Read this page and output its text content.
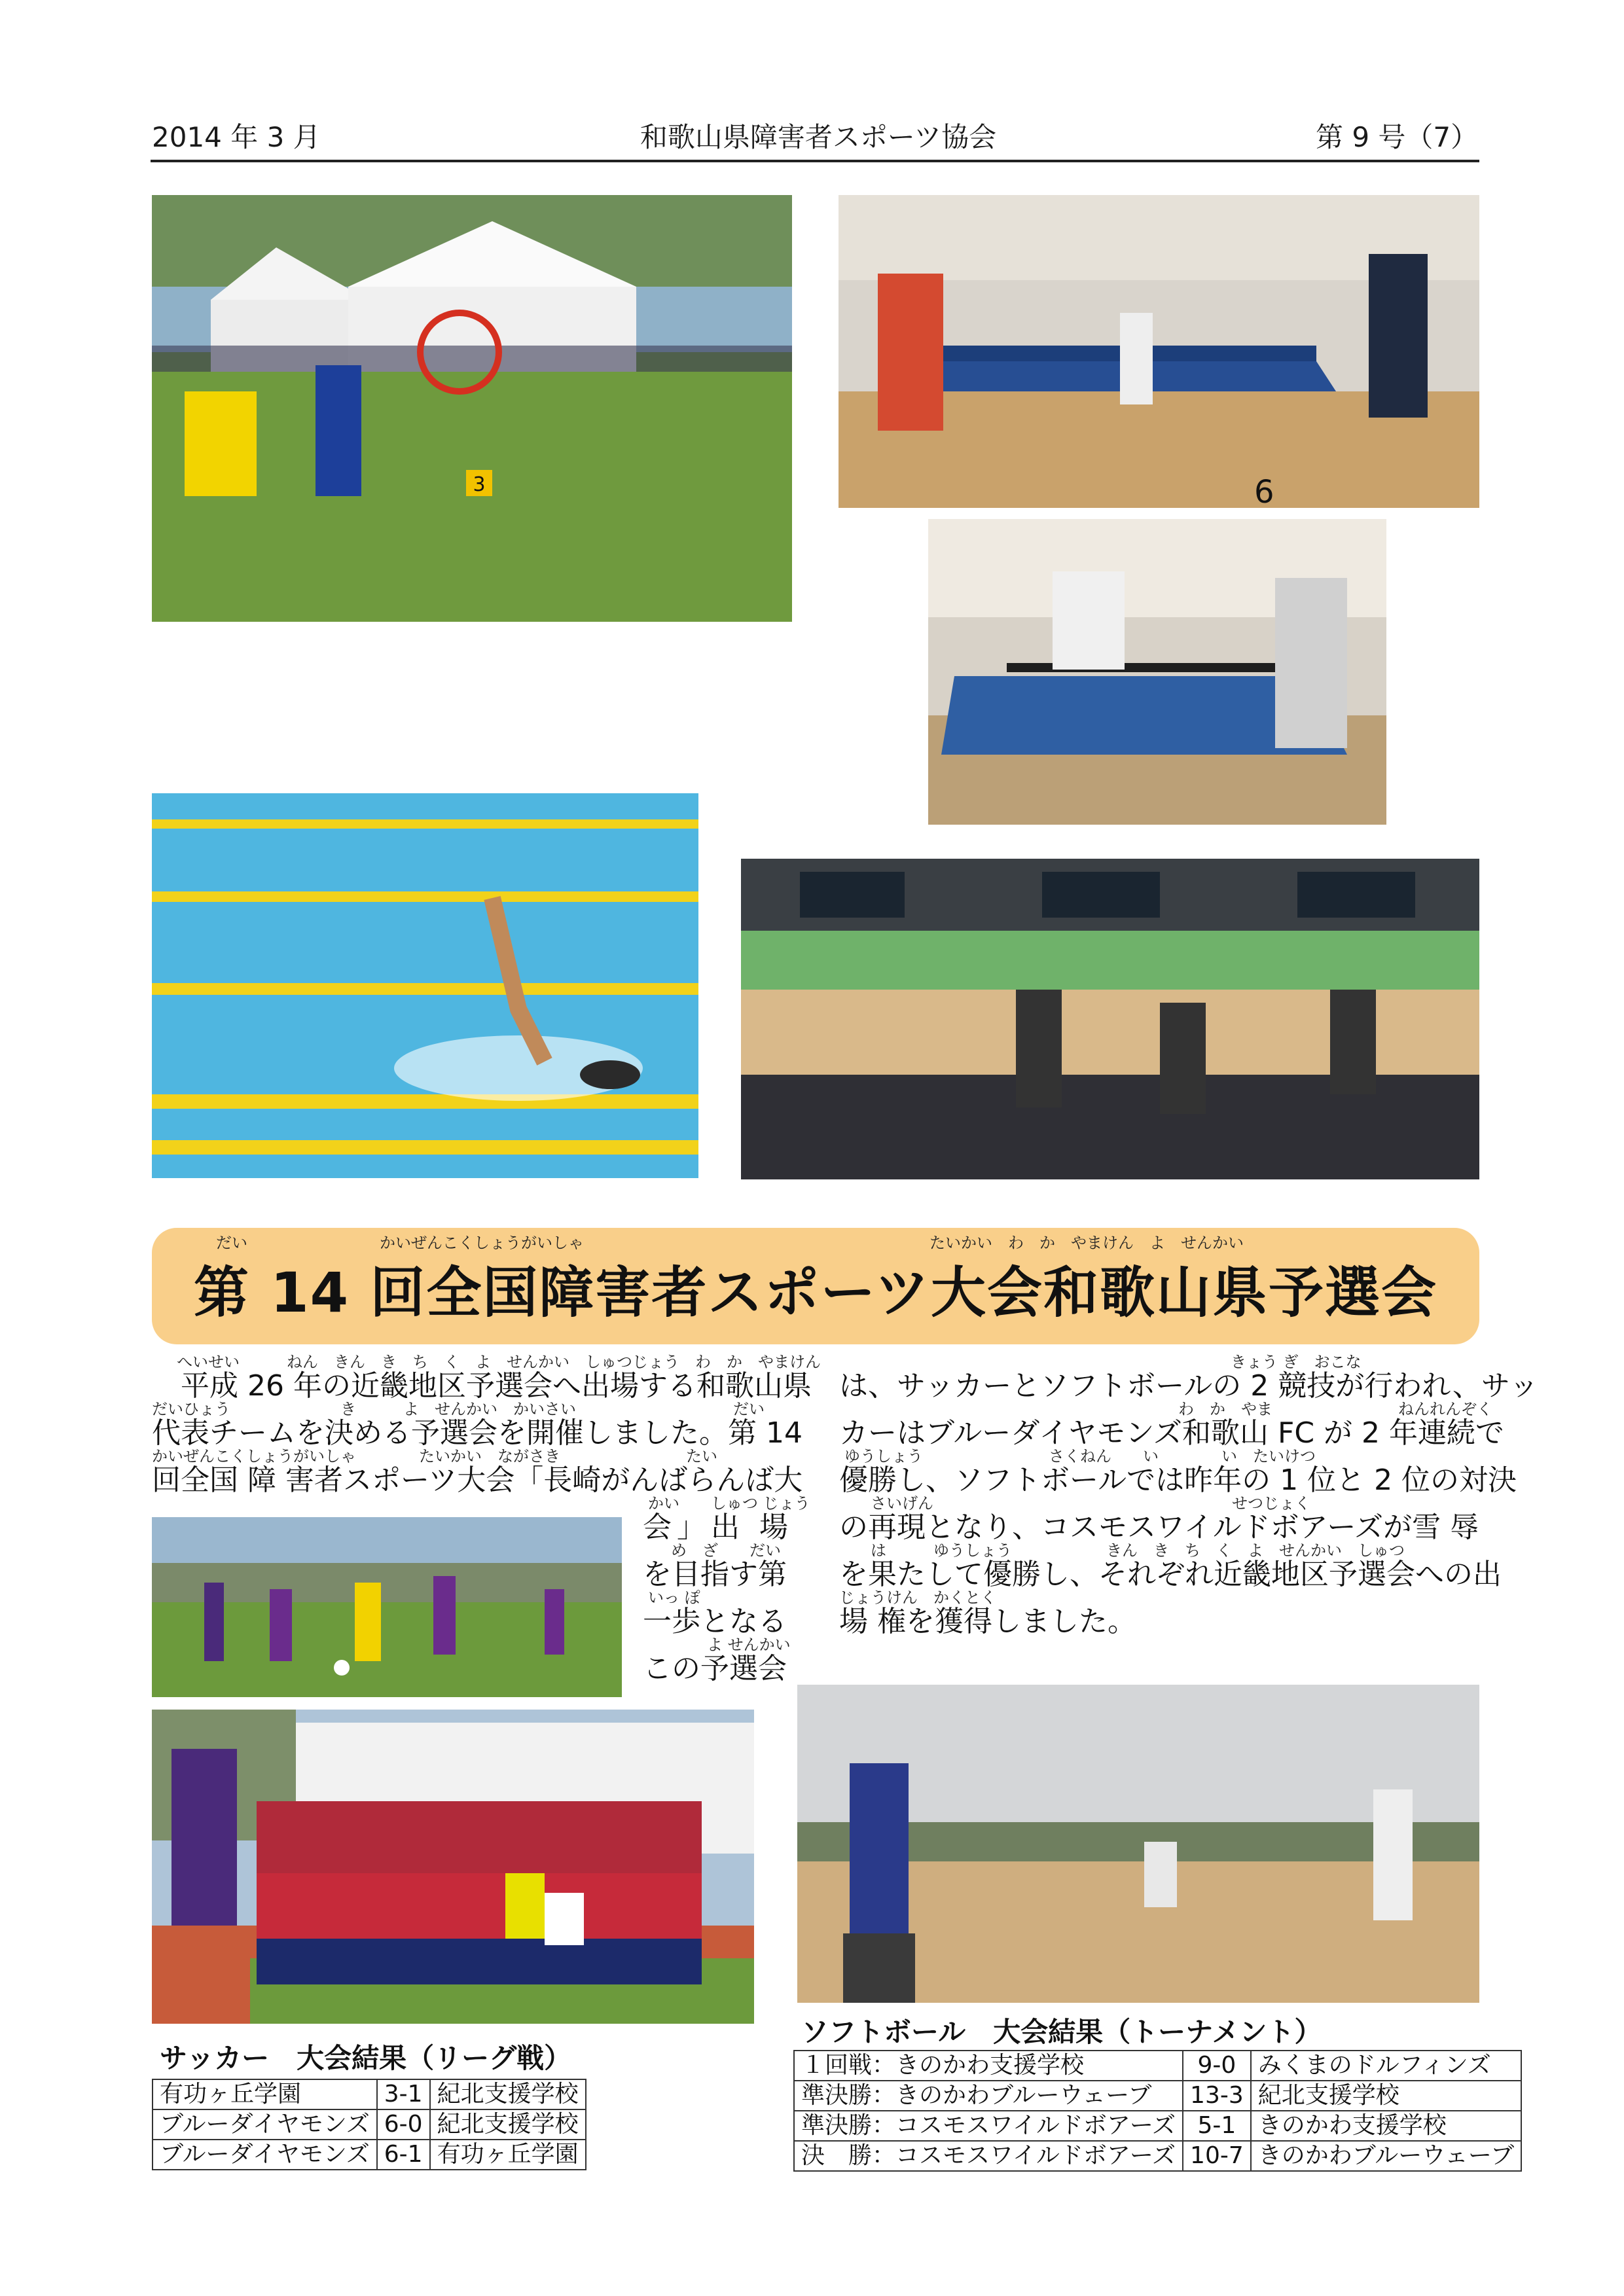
2014 年 3 月	和歌山県障害者スポーツ協会	第 9 号（7）
3	6
だい	かいぜんこくしょうがいしゃ	たいかい　わ　か　やまけん　よ　せんかい
第 14 回全国障害者スポーツ大会和歌山県予選会
へいせい　　　ねん　きん　き　ち　く　よ　せんかい　しゅつじょう　わ　か　やまけん
　平成 26 年の近畿地区予選会へ出場する和歌山県
だいひょう　　　　　　　き　　　よ　せんかい　かいさい　　　　　　　　　　だい
代表チームを決める予選会を開催しました。第 14
かいぜんこくしょうがいしゃ　　　　たいかい　ながさき　　　　　　　　たい
回全国 障 害者スポーツ大会「長崎がんばらんば大
かい　　しゅつ じょう
会」出 場
め　ざ　　だい
を目指す第
いっ ぽ
一歩となる
よ せんかい
この予選会
きょう ぎ　おこな
は、サッカーとソフトボールの 2 競技が行われ、サッ
わ　か　やま　　　　　　　　ねんれんぞく
カーはブルーダイヤモンズ和歌山 FC が 2 年連続で
ゆうしょう　　　　　　　　さくねん　　い　　　　い　たいけつ
優勝し、ソフトボールでは昨年の 1 位と 2 位の対決
さいげん　　　　　　　　　　　　　　　　　　　せつじょく
の再現となり、コスモスワイルドボアーズが雪 辱
は　　　ゆうしょう　　　　　　きん　き　ち　く　よ　せんかい　しゅつ
を果たして優勝し、それぞれ近畿地区予選会への出
じょうけん　かくとく
場 権を獲得しました。
サッカー　大会結果（リーグ戦）
有功ヶ丘学園	3-1	紀北支援学校
ブルーダイヤモンズ	6-0	紀北支援学校
ブルーダイヤモンズ	6-1	有功ヶ丘学園
ソフトボール　大会結果（トーナメント）
１回戦：きのかわ支援学校	9-0	みくまのドルフィンズ
準決勝：きのかわブルーウェーブ	13-3	紀北支援学校
準決勝：コスモスワイルドボアーズ	5-1	きのかわ支援学校
決　勝：コスモスワイルドボアーズ	10-7	きのかわブルーウェーブ
